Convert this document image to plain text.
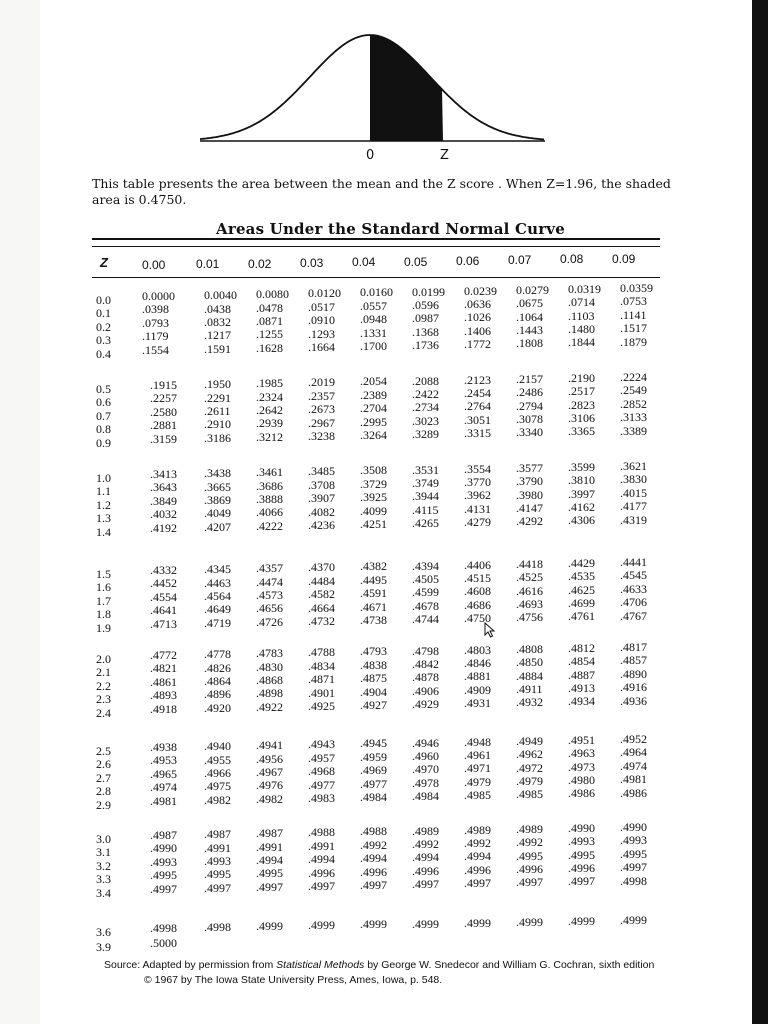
0	Z
This table presents the area between the mean and the Z score . When Z=1.96, the shaded area is 0.4750.
Areas Under the Standard Normal Curve
Z	0.00	0.01 0.02 0.03 0.04 0.05 0.06 0.07 0.08 0.09
0.0	0.0000 0.0040 0.0080 0.0120 0.0160 0.0199 0.0239 0.0279 0.0319 0.0359
0.1	.0398	.0438 .0478 .0517 .0557 .0596 .0636 .0675 .0714 .0753
0.2	.0793	.0832 .0871 .0910 .0948 .0987 .1026 .1064 .1103 .1141
0.3	.1179	.1217 .1255 .1293 .1331 .1368 .1406 .1443 .1480 .1517
0.4	.1554	.1591 .1628 .1664 .1700 .1736 .1772 .1808 .1844 .1879
0.5	.1915 .1950 .1985 .2019 .2054 .2088 .2123 .2157 .2190 .2224
0.6	.2257 .2291 .2324 .2357 .2389 .2422 .2454 .2486 .2517 .2549
0.7	.2580 .2611 .2642 .2673 .2704 .2734 .2764 .2794 .2823 .2852
0.8	.2881 .2910 .2939 .2967 .2995 .3023 .3051 .3078 .3106 .3133
0.9	.3159 .3186 .3212 .3238 .3264 .3289 .3315 .3340 .3365 .3389
1.0	.3413 .3438 .3461 .3485 .3508 .3531 .3554 .3577 .3599 .3621
1.1	.3643 .3665 .3686 .3708 .3729 .3749 .3770 .3790 .3810 .3830
1.2	.3849 .3869 .3888 .3907 .3925 .3944 .3962 .3980 .3997 .4015
1.3	.4032 .4049 .4066 .4082 .4099 .4115 .4131 .4147 .4162 .4177
1.4	.4192 .4207 .4222 .4236 .4251 .4265 .4279 .4292 .4306 .4319
1.5	.4332 .4345 .4357 .4370 .4382 .4394 .4406 .4418 .4429 .4441
1.6	.4452 .4463 .4474 .4484 .4495 .4505 .4515 .4525 .4535 .4545
1.7	.4554 .4564 .4573 .4582 .4591 .4599 .4608 .4616 .4625 .4633
1.8	.4641 .4649 .4656 .4664 .4671 .4678 .4686 .4693 .4699 .4706
1.9	.4713 .4719 .4726 .4732 .4738 .4744 .4750 .4756 .4761 .4767
2.0	.4772 .4778 .4783 .4788 .4793 .4798 .4803 .4808 .4812 .4817
2.1	.4821 .4826 .4830 .4834 .4838 .4842 .4846 .4850 .4854 .4857
2.2	.4861 .4864 .4868 .4871 .4875 .4878 .4881 .4884 .4887 .4890
2.3	.4893 .4896 .4898 .4901 .4904 .4906 .4909 .4911 .4913 .4916
2.4	.4918 .4920 .4922 .4925 .4927 .4929 .4931 .4932 .4934 .4936
2.5	.4938 .4940 .4941 .4943 .4945 .4946 .4948 .4949 .4951 .4952
2.6	.4953 .4955 .4956 .4957 .4959 .4960 .4961 .4962 .4963 .4964
2.7	.4965 .4966 .4967 .4968 .4969 .4970 .4971 .4972 .4973 .4974
2.8	.4974 .4975 .4976 .4977 .4977 .4978 .4979 .4979 .4980 .4981
2.9	.4981 .4982 .4982 .4983 .4984 .4984 .4985 .4985 .4986 .4986
3.0	.4987 .4987 .4987 .4988 .4988 .4989 .4989 .4989 .4990 .4990
3.1	.4990 .4991 .4991 .4991 .4992 .4992 .4992 .4992 .4993 .4993
3.2	.4993 .4993 .4994 .4994 .4994 .4994 .4994 .4995 .4995 .4995
3.3	.4995 .4995 .4995 .4996 .4996 .4996 .4996 .4996 .4996 .4997
3.4	.4997 .4997 .4997 .4997 .4997 .4997 .4997 .4997 .4997 .4998
3.6	.4998 .4998 .4999 .4999 .4999 .4999 .4999 .4999 .4999 .4999
3.9	.5000
Source: Adapted by permission from Statistical Methods by George W. Snedecor and William G. Cochran, sixth edition
© 1967 by The Iowa State University Press, Ames, Iowa, p. 548.
